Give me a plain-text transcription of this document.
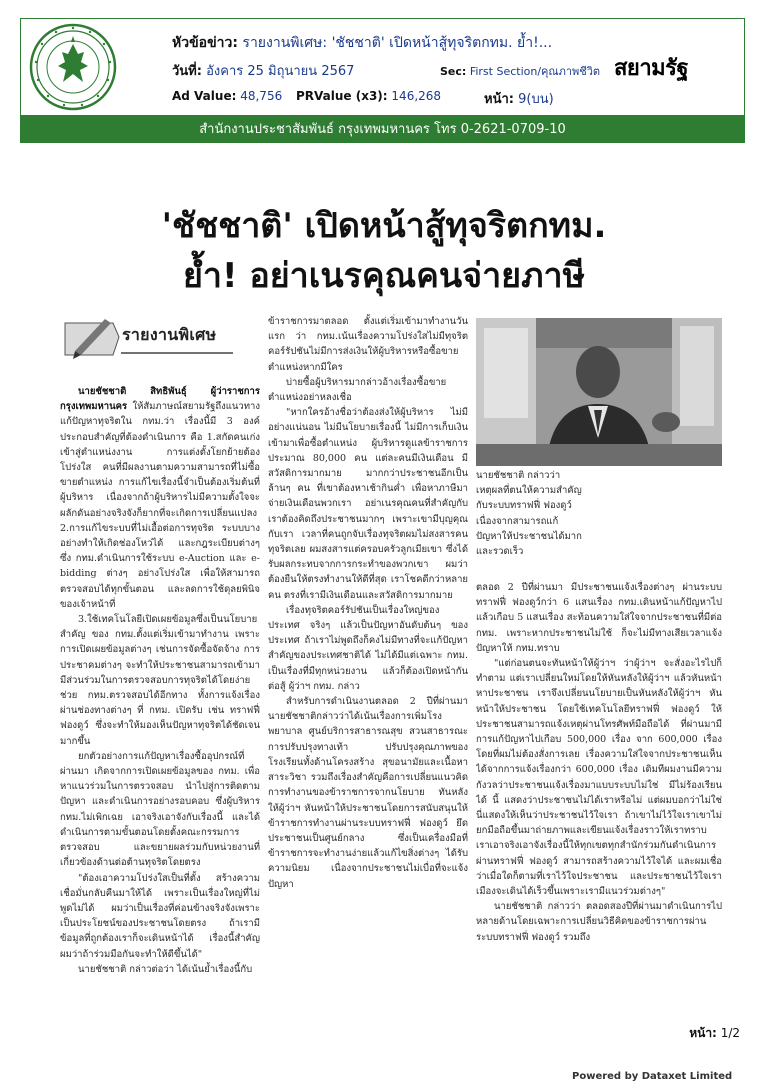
หัวข้อข่าว: รายงานพิเศษ: 'ชัชชาติ' เปิดหน้าสู้ทุจริตกทม. ย้ำ!...
วันที่: อังคาร 25 มิถุนายน 2567	Sec: First Section/คุณภาพชีวิต
Ad Value: 48,756 PRValue (x3): 146,268	หน้า: 9(บน)
สยามรัฐ
สำนักงานประชาสัมพันธ์ กรุงเทพมหานคร โทร 0-2621-0709-10
'ชัชชาติ' เปิดหน้าสู้ทุจริตกทม.
ย้ำ! อย่าเนรคุณคนจ่ายภาษี
รายงานพิเศษ

นายชัชชาติ สิทธิพันธุ์ ผู้ว่าราชการกรุงเทพมหานคร ให้สัมภาษณ์สยามรัฐถึงแนวทางแก้ปัญหาทุจริตใน กทม.ว่า เรื่องนี้มี 3 องค์ประกอบสำคัญที่ต้องดำเนินการ คือ 1.สกัดคนเก่งเข้าสู่ตำแหน่งงาน การแต่งตั้งโยกย้ายต้องโปร่งใส คนที่มีผลงานตามความสามารถที่ไม่ซื้อขายตำแหน่ง การแก้ไขเรื่องนี้จำเป็นต้องเริ่มต้นที่ผู้บริหาร เนื่องจากถ้าผู้บริหารไม่มีความตั้งใจจะผลักดันอย่างจริงจังก็ยากที่จะเกิดการเปลี่ยนแปลง 2.การแก้ไขระบบที่ไม่เอื้อต่อการทุจริต ระบบบางอย่างทำให้เกิดช่องโหว่ได้ และกฎระเบียบต่างๆ ซึ่ง กทม.ดำเนินการใช้ระบบ e-Auction และ e-bidding ต่างๆ อย่างโปร่งใส เพื่อให้สามารถตรวจสอบได้ทุกขั้นตอน และลดการใช้ดุลยพินิจของเจ้าหน้าที่

3.ใช้เทคโนโลยีเปิดเผยข้อมูลซึ่งเป็นนโยบายสำคัญ ของ กทม.ตั้งแต่เริ่มเข้ามาทำงาน เพราะการเปิดเผยข้อมูลต่างๆ เช่นการจัดซื้อจัดจ้าง การประชาคมต่างๆ จะทำให้ประชาชนสามารถเข้ามามีส่วนร่วมในการตรวจสอบการทุจริตได้โดยง่าย ช่วย กทม.ตรวจสอบได้อีกทาง ทั้งการแจ้งเรื่องผ่านช่องทางต่างๆ ที่ กทม. เปิดรับ เช่น ทราฟฟี่ ฟองดูว์ ซึ่งจะทำให้มองเห็นปัญหาทุจริตได้ชัดเจนมากขึ้น

ยกตัวอย่างการแก้ปัญหาเรื่องซื้ออุปกรณ์ที่ผ่านมา เกิดจากการเปิดเผยข้อมูลของ กทม. เพื่อหาแนวร่วมในการตรวจสอบ นำไปสู่การติดตามปัญหา และดำเนินการอย่างรอบคอบ ซึ่งผู้บริหาร กทม.ไม่เพิกเฉย เอาจริงเอาจังกับเรื่องนี้ และได้ดำเนินการตามขั้นตอนโดยตั้งคณะกรรมการตรวจสอบ และขยายผลร่วมกับหน่วยงานที่เกี่ยวข้องด้านต่อต้านทุจริตโดยตรง

"ต้องเอาความโปร่งใสเป็นที่ตั้ง สร้างความเชื่อมั่นกลับคืนมาให้ได้ เพราะเป็นเรื่องใหญ่ที่ไม่พูดไม่ได้ ผมว่าเป็นเรื่องที่ค่อนข้างจริงจังเพราะเป็นประโยชน์ของประชาชนโดยตรง ถ้าเรามีข้อมูลที่ถูกต้องเราก็จะเดินหน้าได้ เรื่องนี้สำคัญ ผมว่าถ้าร่วมมือกันจะทำให้ดีขึ้นได้"

นายชัชชาติ กล่าวต่อว่า ได้เน้นย้ำเรื่องนี้กับ

ข้าราชการมาตลอด ตั้งแต่เริ่มเข้ามาทำงานวันแรก ว่า กทม.เน้นเรื่องความโปร่งใสไม่มีทุจริตคอร์รัปชันไม่มีการส่งเงินให้ผู้บริหารหรือซื้อขายตำแหน่งหากมีใคร

บ่ายซื้อผู้บริหารมากล่าวอ้างเรื่องซื้อขายตำแหน่งอย่าหลงเชื่อ

"หากใครอ้างชื่อว่าต้องส่งให้ผู้บริหาร ไม่มีอย่างแน่นอน ไม่มีนโยบายเรื่องนี้ ไม่มีการเก็บเงินเข้ามาเพื่อซื้อตำแหน่ง ผู้บริหารดูแลข้าราชการประมาณ 80,000 คน แต่ละคนมีเงินเดือน มีสวัสดิการมากมาย มากกว่าประชาชนอีกเป็นล้านๆ คน ที่เขาต้องหาเช้ากินค่ำ เพื่อหาภาษีมาจ่ายเงินเดือนพวกเรา อย่าเนรคุณคนที่สำคัญกับเราต้องคิดถึงประชาชนมากๆ เพราะเขามีบุญคุณกับเรา เวลาที่คนถูกจับเรื่องทุจริตผมไม่สงสารคนทุจริตเลย ผมสงสารแต่ครอบครัวลูกเมียเขา ซึ่งได้รับผลกระทบจากการกระทำของพวกเขา ผมว่าต้องยืนให้ตรงทำงานให้ดีที่สุด เราโชคดีกว่าหลายคน ตรงที่เรามีเงินเดือนและสวัสดิการมากมาย

เรื่องทุจริตคอร์รัปชันเป็นเรื่องใหญ่ของประเทศ จริงๆ แล้วเป็นปัญหาอันดับต้นๆ ของประเทศ ถ้าเราไม่พูดถึงก็คงไม่มีทางที่จะแก้ปัญหาสำคัญของประเทศชาติได้ ไม่ได้มีแต่เฉพาะ กทม. เป็นเรื่องที่มีทุกหน่วยงาน แล้วก็ต้องเปิดหน้ากันต่อสู้ ผู้ว่าฯ กทม. กล่าว

สำหรับการดำเนินงานตลอด 2 ปีที่ผ่านมา นายชัชชาติกล่าวว่าได้เน้นเรื่องการเพิ่มโรงพยาบาล ศูนย์บริการสาธารณสุข สวนสาธารณะ การปรับปรุงทางเท้า ปรับปรุงคุณภาพของโรงเรียนทั้งด้านโครงสร้าง สุขอนามัยและเนื้อหาสาระวิชา รวมถึงเรื่องสำคัญคือการเปลี่ยนแนวคิดการทำงานของข้าราชการจากนโยบาย ทันหลังให้ผู้ว่าฯ หันหน้าให้ประชาชนโดยการสนับสนุนให้ข้าราชการทำงานผ่านระบบทราฟฟี่ ฟองดูว์ ยึดประชาชนเป็นศูนย์กลาง ซึ่งเป็นเครื่องมือที่ข้าราชการจะทำงานง่ายแล้วแก้ไขสิ่งต่างๆ ได้รับความนิยม เนื่องจากประชาชนไม่เบื่อที่จะแจ้งปัญหา

นายชัชชาติ กล่าวว่า เหตุผลที่ตนให้ความสำคัญกับระบบทราฟฟี่ ฟองดูว์เนื่องจากสามารถแก้ปัญหาให้ประชาชนได้มาก และรวดเร็ว

ตลอด 2 ปีที่ผ่านมา มีประชาชนแจ้งเรื่องต่างๆ ผ่านระบบทราฟฟี่ ฟองดูว์กว่า 6 แสนเรื่อง กทม.เดินหน้าแก้ปัญหาไปแล้วเกือบ 5 แสนเรื่อง สะท้อนความใส่ใจจากประชาชนที่มีต่อกทม. เพราะหากประชาชนไม่ใช้ ก็จะไม่มีทางเสียเวลาแจ้งปัญหาให้ กทม.ทราบ

"แต่ก่อนตนจะทันหน้าให้ผู้ว่าฯ ว่าผู้ว่าฯ จะสั่งอะไรไปก็ทำตาม แต่เราเปลี่ยนใหม่โดยให้หันหลังให้ผู้ว่าฯ แล้วหันหน้าหาประชาชน เราจึงเปลี่ยนนโยบายเป็นหันหลังให้ผู้ว่าฯ หันหน้าให้ประชาชน โดยใช้เทคโนโลยีทราฟฟี่ ฟองดูว์ ให้ประชาชนสามารถแจ้งเหตุผ่านโทรศัพท์มือถือได้ ที่ผ่านมามีการแก้ปัญหาไปเกือบ 500,000 เรื่อง จาก 600,000 เรื่อง โดยที่ผมไม่ต้องสั่งการเลย เรื่องความใส่ใจจากประชาชนเห็นได้จากการแจ้งเรื่องกว่า 600,000 เรื่อง เดิมทีผมงานมีความกังวลว่าประชาชนแจ้งเรื่องมาแบบระบบไม่ใช่ มีไม่ร้องเรียนได้ นี้ แสดงว่าประชาชนไม่ได้เราหรือไม่ แต่ผมบอกว่าไม่ใช่ นี่แสดงให้เห็นว่าประชาชนไว้ใจเรา ถ้าเขาไม่ไว้ใจเราเขาไม่ยกมือถือขึ้นมาถ่ายภาพและเขียนแจ้งเรื่องราวให้เราทราบ เราเอาจริงเอาจังเรื่องนี้ให้ทุกเขตทุกสำนักร่วมกันดำเนินการผ่านทราฟฟี่ ฟองดูว์ สามารถสร้างความไว้ใจได้ และผมเชื่อว่าเมื่อใดก็ตามที่เราไว้ใจประชาชน และประชาชนไว้ใจเรา เมืองจะเดินได้เร็วขึ้นเพราะเรามีแนวร่วมต่างๆ"

นายชัชชาติ กล่าวว่า ตลอดสองปีที่ผ่านมาดำเนินการไปหลายด้านโดยเฉพาะการเปลี่ยนวิธีคิดของข้าราชการผ่านระบบทราฟฟี่ ฟองดูว์ รวมถึง

หน้า: 1/2
Powered by Dataxet Limited
